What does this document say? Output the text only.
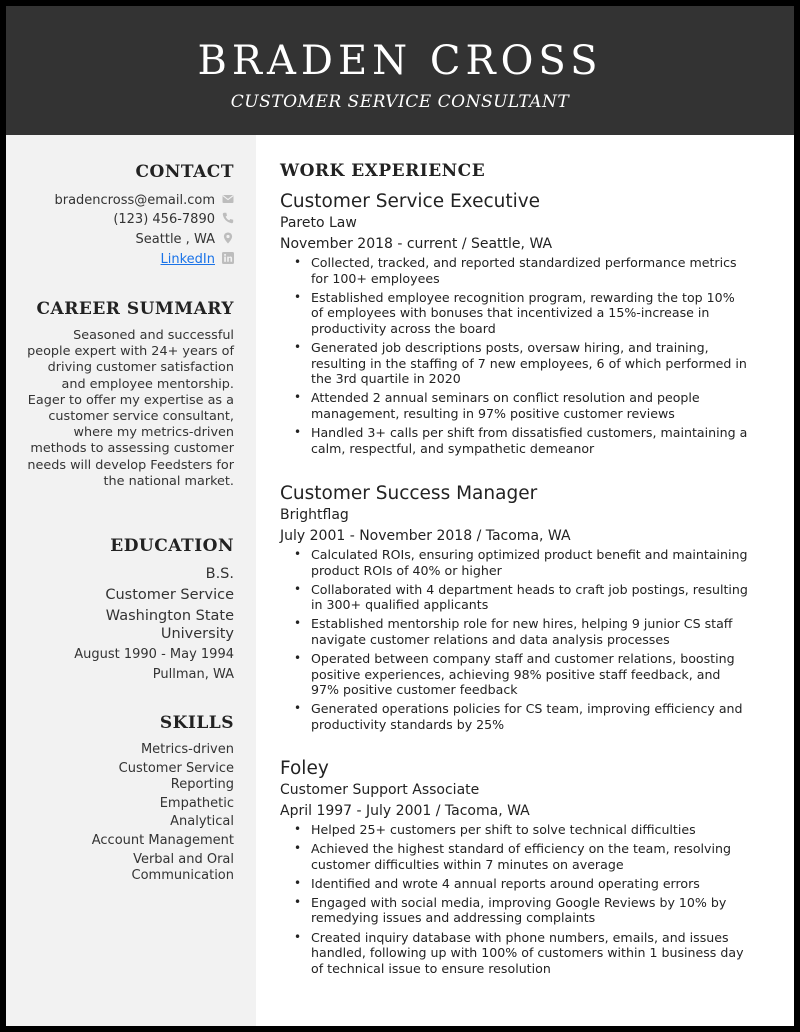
BRADEN CROSS
CUSTOMER SERVICE CONSULTANT
CONTACT
bradencross@email.com
(123) 456-7890
Seattle , WA
LinkedIn
CAREER SUMMARY
Seasoned and successful people expert with 24+ years of driving customer satisfaction and employee mentorship. Eager to offer my expertise as a customer service consultant, where my metrics-driven methods to assessing customer needs will develop Feedsters for the national market.
EDUCATION
B.S.
Customer Service
Washington State
University
August 1990 - May 1994
Pullman, WA
SKILLS
Metrics-driven
Customer Service
Reporting
Empathetic
Analytical
Account Management
Verbal and Oral
Communication
WORK EXPERIENCE
Customer Service Executive
Pareto Law
November 2018 - current / Seattle, WA
• Collected, tracked, and reported standardized performance metrics for 100+ employees
• Established employee recognition program, rewarding the top 10% of employees with bonuses that incentivized a 15%-increase in productivity across the board
• Generated job descriptions posts, oversaw hiring, and training, resulting in the staffing of 7 new employees, 6 of which performed in the 3rd quartile in 2020
• Attended 2 annual seminars on conflict resolution and people management, resulting in 97% positive customer reviews
• Handled 3+ calls per shift from dissatisfied customers, maintaining a calm, respectful, and sympathetic demeanor
Customer Success Manager
Brightflag
July 2001 - November 2018 / Tacoma, WA
• Calculated ROIs, ensuring optimized product benefit and maintaining product ROIs of 40% or higher
• Collaborated with 4 department heads to craft job postings, resulting in 300+ qualified applicants
• Established mentorship role for new hires, helping 9 junior CS staff navigate customer relations and data analysis processes
• Operated between company staff and customer relations, boosting positive experiences, achieving 98% positive staff feedback, and 97% positive customer feedback
• Generated operations policies for CS team, improving efficiency and productivity standards by 25%
Foley
Customer Support Associate
April 1997 - July 2001 / Tacoma, WA
• Helped 25+ customers per shift to solve technical difficulties
• Achieved the highest standard of efficiency on the team, resolving customer difficulties within 7 minutes on average
• Identified and wrote 4 annual reports around operating errors
• Engaged with social media, improving Google Reviews by 10% by remedying issues and addressing complaints
• Created inquiry database with phone numbers, emails, and issues handled, following up with 100% of customers within 1 business day of technical issue to ensure resolution
